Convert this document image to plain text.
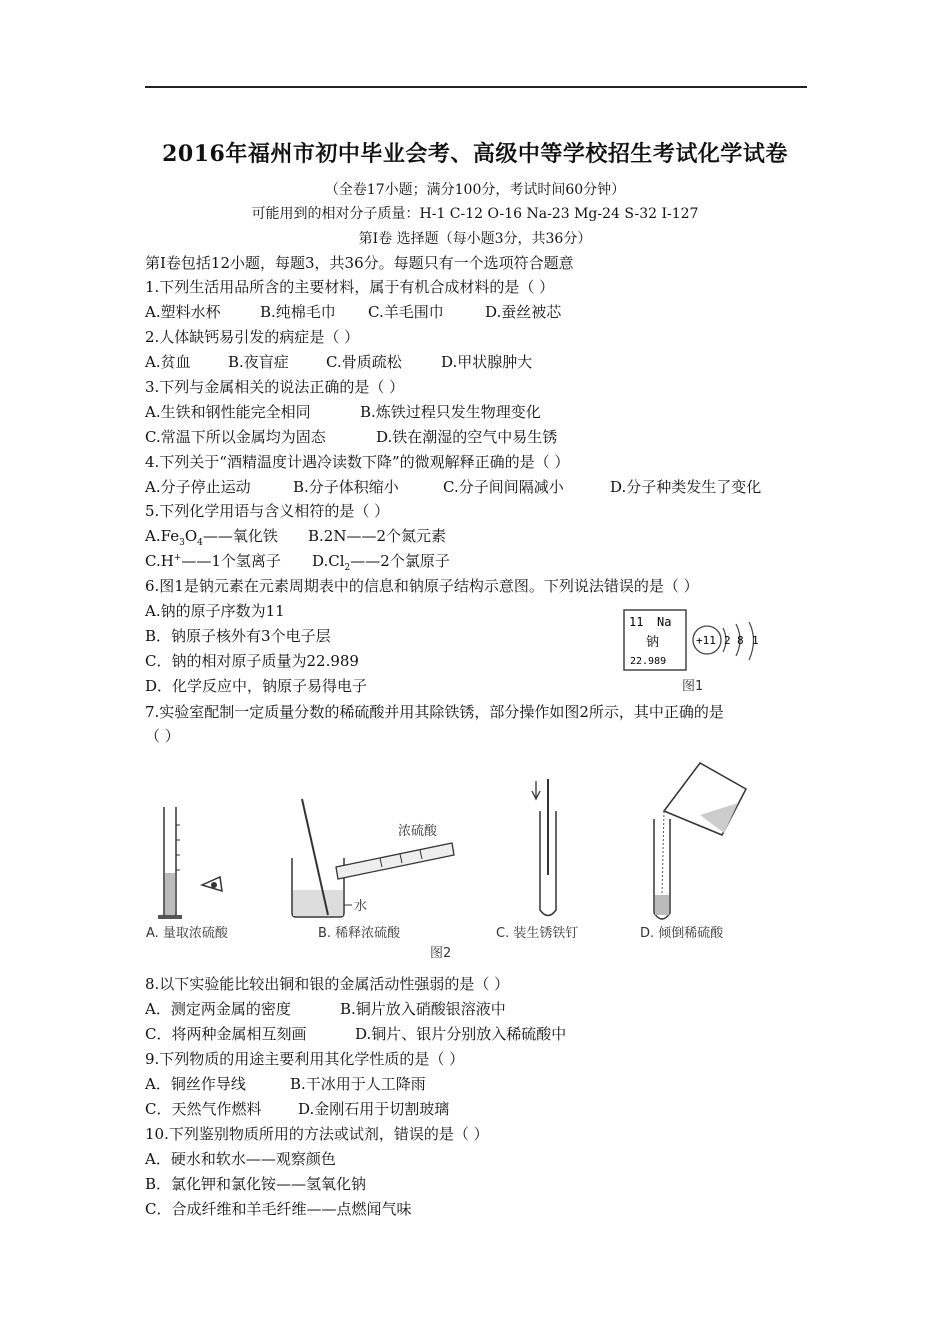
2016年福州市初中毕业会考、高级中等学校招生考试化学试卷
（全卷17小题；满分100分，考试时间60分钟）
可能用到的相对分子质量：H-1 C-12 O-16 Na-23 Mg-24 S-32 I-127
第Ⅰ卷 选择题（每小题3分，共36分）
第Ⅰ卷包括12小题，每题3，共36分。每题只有一个选项符合题意
1.下列生活用品所含的主要材料，属于有机合成材料的是（ ）
A.塑料水杯	B.纯棉毛巾 C.羊毛围巾	D.蚕丝被芯
2.人体缺钙易引发的病症是（ ）
A.贫血 B.夜盲症 C.骨质疏松	D.甲状腺肿大
3.下列与金属相关的说法正确的是（ ）
A.生铁和钢性能完全相同	B.炼铁过程只发生物理变化
C.常温下所以金属均为固态	D.铁在潮湿的空气中易生锈
4.下列关于“酒精温度计遇冷读数下降”的微观解释正确的是（ ）
A.分子停止运动	B.分子体积缩小	C.分子间间隔减小	D.分子种类发生了变化
5.下列化学用语与含义相符的是（ ）
$A.Fe_3O_4——$氧化铁 B.2N——2个氮元素
C.H+——1个氢离子 $D.Cl_2——2$个氯原子
6.图1是钠元素在元素周期表中的信息和钠原子结构示意图。下列说法错误的是（ ）
A.钠的原子序数为11
B．钠原子核外有3个电子层
C．钠的相对原子质量为22.989
D．化学反应中，钠原子易得电子
11 Na
钠
22.989
+11 2 8 1
图1
7.实验室配制一定质量分数的稀硫酸并用其除铁锈，部分操作如图2所示，其中正确的是
（ ）
A. 量取浓硫酸
浓硫酸
水
B. 稀释浓硫酸	C. 装生锈铁钉	D. 倾倒稀硫酸
图2
8.以下实验能比较出铜和银的金属活动性强弱的是（ ）
A．测定两金属的密度	B.铜片放入硝酸银溶液中
C．将两种金属相互刻画	D.铜片、银片分别放入稀硫酸中
9.下列物质的用途主要利用其化学性质的是（ ）
A．铜丝作导线	B.干冰用于人工降雨
C．天然气作燃料 D.金刚石用于切割玻璃
10.下列鉴别物质所用的方法或试剂，错误的是（ ）
A．硬水和软水——观察颜色
B．氯化钾和氯化铵——氢氧化钠
C．合成纤维和羊毛纤维——点燃闻气味
